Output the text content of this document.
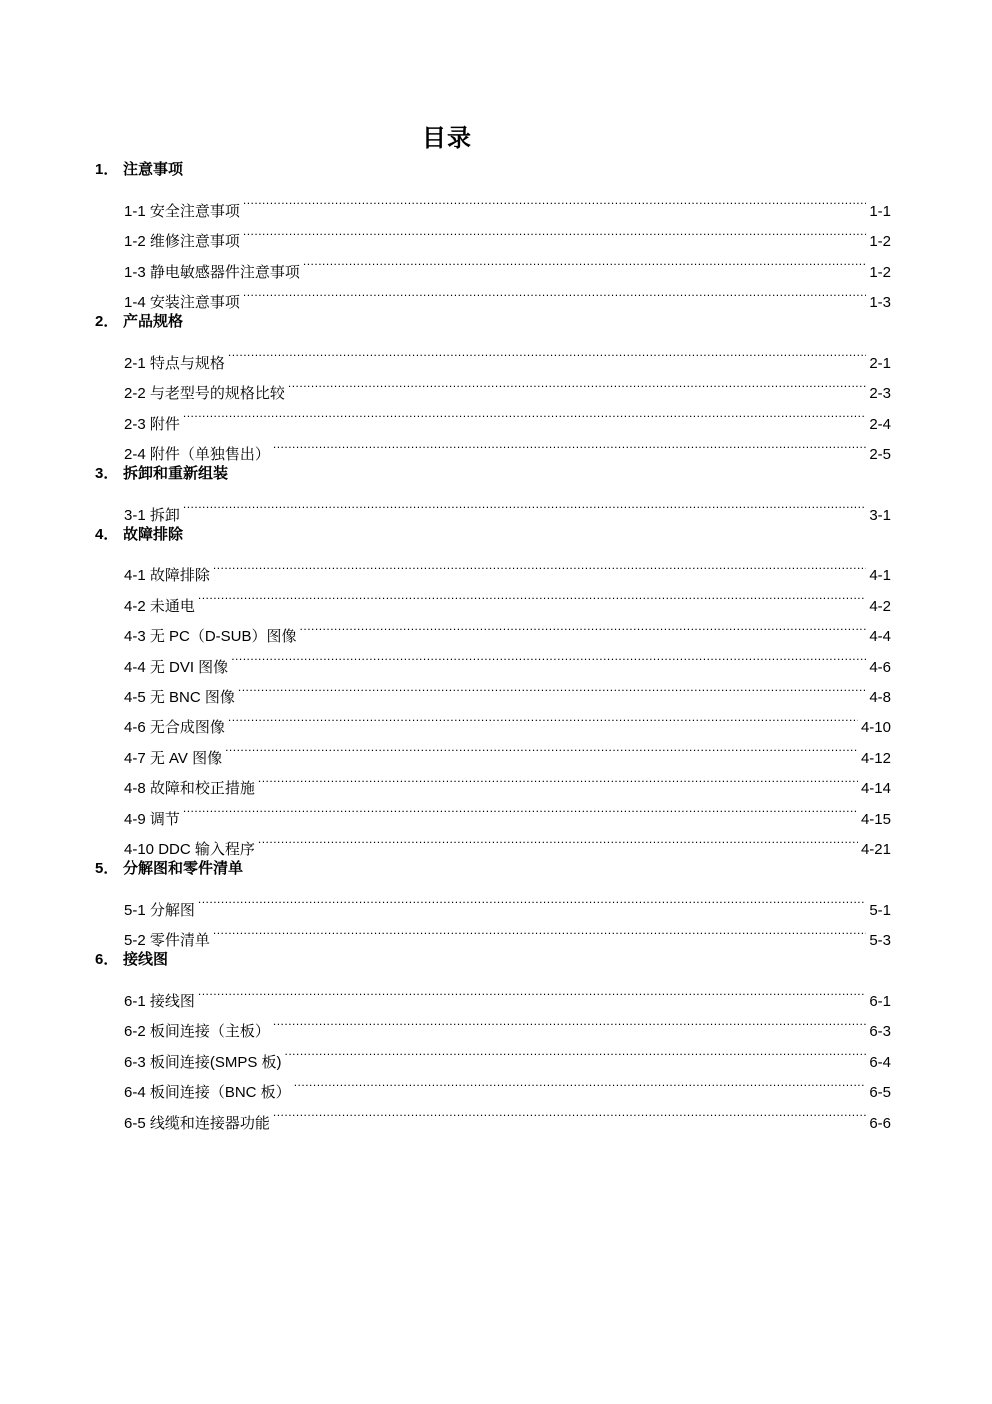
目录
1． 注意事项
1-1 安全注意事项 .....	1-1
1-2 维修注意事项 .....	1-2
1-3 静电敏感器件注意事项 .....	1-2
1-4 安装注意事项 .....	1-3
2． 产品规格
2-1 特点与规格 .....	2-1
2-2 与老型号的规格比较 .....	2-3
2-3 附件 .....	2-4
2-4 附件（单独售出） .....	2-5
3． 拆卸和重新组装
3-1 拆卸 .....	3-1
4． 故障排除
4-1 故障排除 .....	4-1
4-2 未通电 .....	4-2
4-3 无 PC（D-SUB）图像 .....	4-4
4-4 无 DVI 图像 .....	4-6
4-5 无 BNC 图像 .....	4-8
4-6 无合成图像 .....	4-10
4-7 无 AV 图像 .....	4-12
4-8 故障和校正措施 .....	4-14
4-9 调节 .....	4-15
4-10 DDC 输入程序 .....	4-21
5． 分解图和零件清单
5-1 分解图 .....	5-1
5-2 零件清单 .....	5-3
6． 接线图
6-1 接线图 .....	6-1
6-2 板间连接（主板） .....	6-3
6-3 板间连接(SMPS 板) .....	6-4
6-4 板间连接（BNC 板） .....	6-5
6-5 线缆和连接器功能 .....	6-6
